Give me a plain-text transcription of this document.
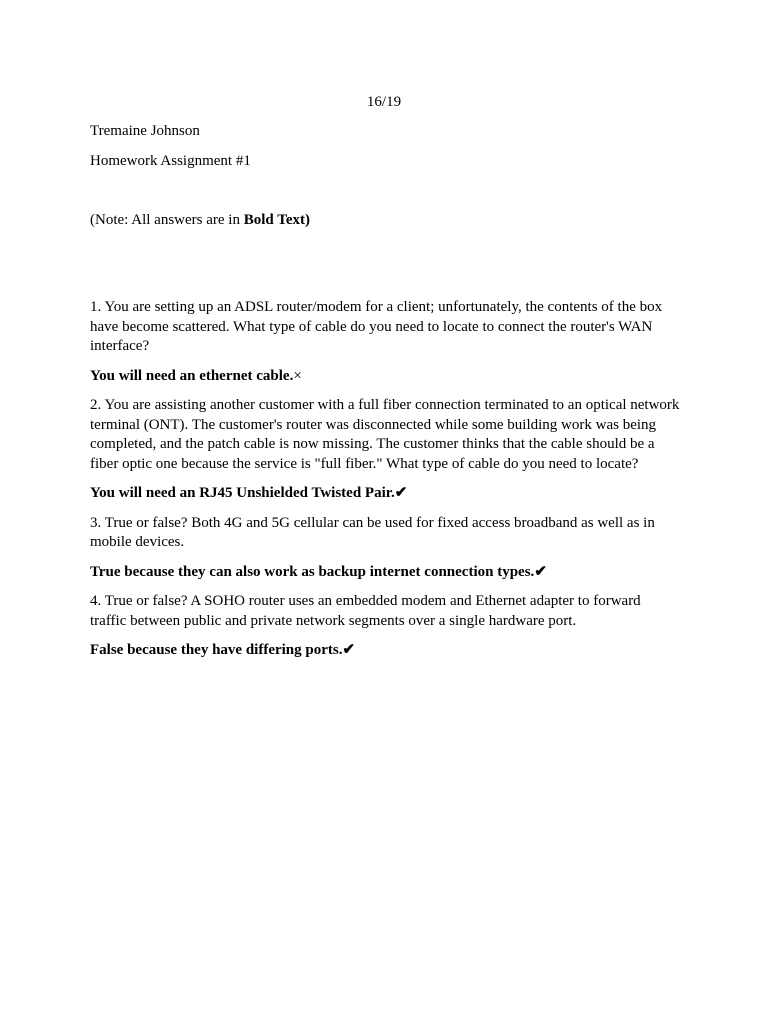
16/19
Tremaine Johnson
Homework Assignment #1
(Note: All answers are in Bold Text)

1. You are setting up an ADSL router/modem for a client; unfortunately, the contents of the box have become scattered. What type of cable do you need to locate to connect the router's WAN interface?

You will need an ethernet cable.×

2. You are assisting another customer with a full fiber connection terminated to an optical network terminal (ONT). The customer's router was disconnected while some building work was being completed, and the patch cable is now missing. The customer thinks that the cable should be a fiber optic one because the service is "full fiber." What type of cable do you need to locate?

You will need an RJ45 Unshielded Twisted Pair.✔

3. True or false? Both 4G and 5G cellular can be used for fixed access broadband as well as in mobile devices.

True because they can also work as backup internet connection types.✔

4. True or false? A SOHO router uses an embedded modem and Ethernet adapter to forward traffic between public and private network segments over a single hardware port.

False because they have differing ports.✔
